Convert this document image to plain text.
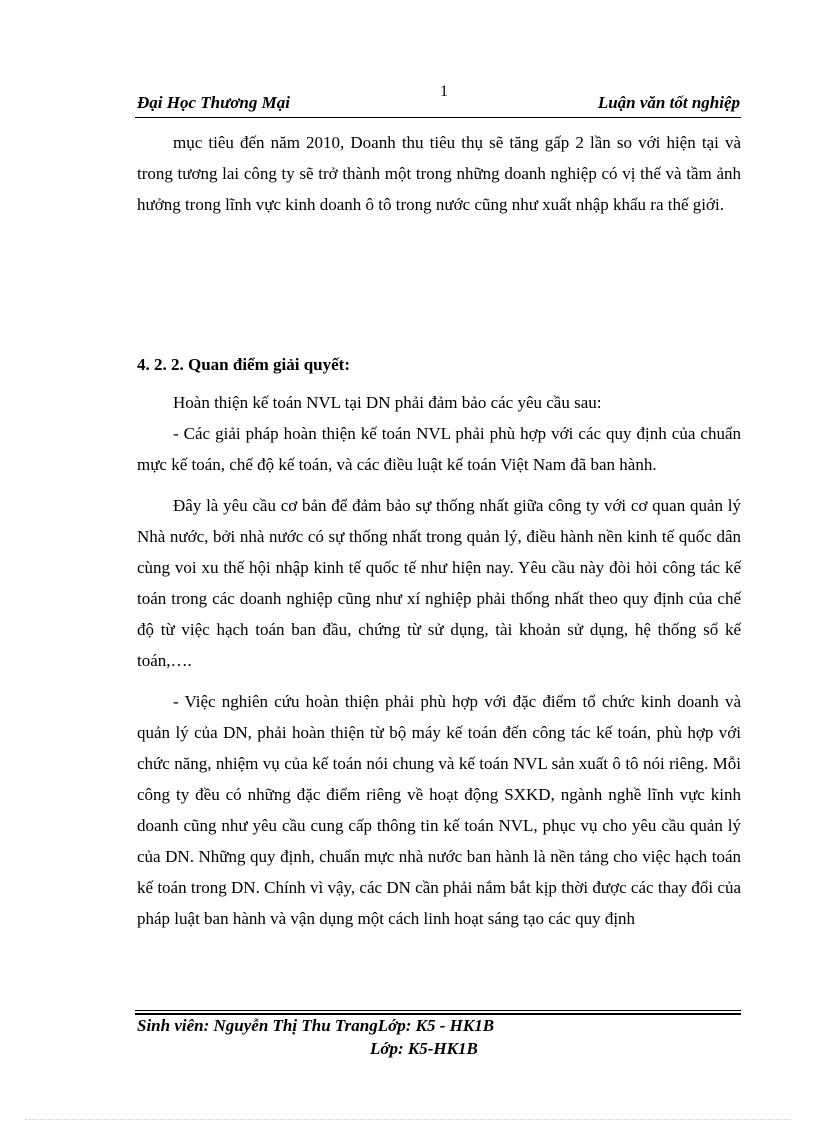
1
Đại Học Thương Mại	Luận văn tốt nghiệp

mục tiêu đến năm 2010, Doanh thu tiêu thụ sẽ tăng gấp 2 lần so với hiện tại và trong tương lai công ty sẽ trở thành một trong những doanh nghiệp có vị thế và tầm ảnh hưởng trong lĩnh vực kinh doanh ô tô trong nước cũng như xuất nhập khẩu ra thế giới.

4. 2. 2. Quan điểm giải quyết:

Hoàn thiện kế toán NVL tại DN phải đảm bảo các yêu cầu sau:

- Các giải pháp hoàn thiện kế toán NVL phải phù hợp với các quy định của chuẩn mực kế toán, chế độ kế toán, và các điều luật kế toán Việt Nam đã ban hành.

Đây là yêu cầu cơ bản để đảm bảo sự thống nhất giữa công ty với cơ quan quản lý Nhà nước, bởi nhà nước có sự thống nhất trong quản lý, điều hành nền kinh tế quốc dân cùng voi xu thế hội nhập kinh tế quốc tế như hiện nay. Yêu cầu này đòi hỏi công tác kế toán trong các doanh nghiệp cũng như xí nghiệp phải thống nhất theo quy định của chế độ từ việc hạch toán ban đầu, chứng từ sử dụng, tài khoản sử dụng, hệ thống sổ kế toán,….

- Việc nghiên cứu hoàn thiện phải phù hợp với đặc điểm tổ chức kinh doanh và quản lý của DN, phải hoàn thiện từ bộ máy kế toán đến công tác kế toán, phù hợp với chức năng, nhiệm vụ của kế toán nói chung và kế toán NVL sản xuất ô tô nói riêng. Mỗi công ty đều có những đặc điểm riêng về hoạt động SXKD, ngành nghề lĩnh vực kinh doanh cũng như yêu cầu cung cấp thông tin kế toán NVL, phục vụ cho yêu cầu quản lý của DN. Những quy định, chuẩn mực nhà nước ban hành là nền tảng cho việc hạch toán kế toán trong DN. Chính vì vậy, các DN cần phải nắm bắt kịp thời được các thay đổi của pháp luật ban hành và vận dụng một cách linh hoạt sáng tạo các quy định

Sinh viên: Nguyễn Thị Thu TrangLớp: K5 - HK1B
Lớp: K5-HK1B
